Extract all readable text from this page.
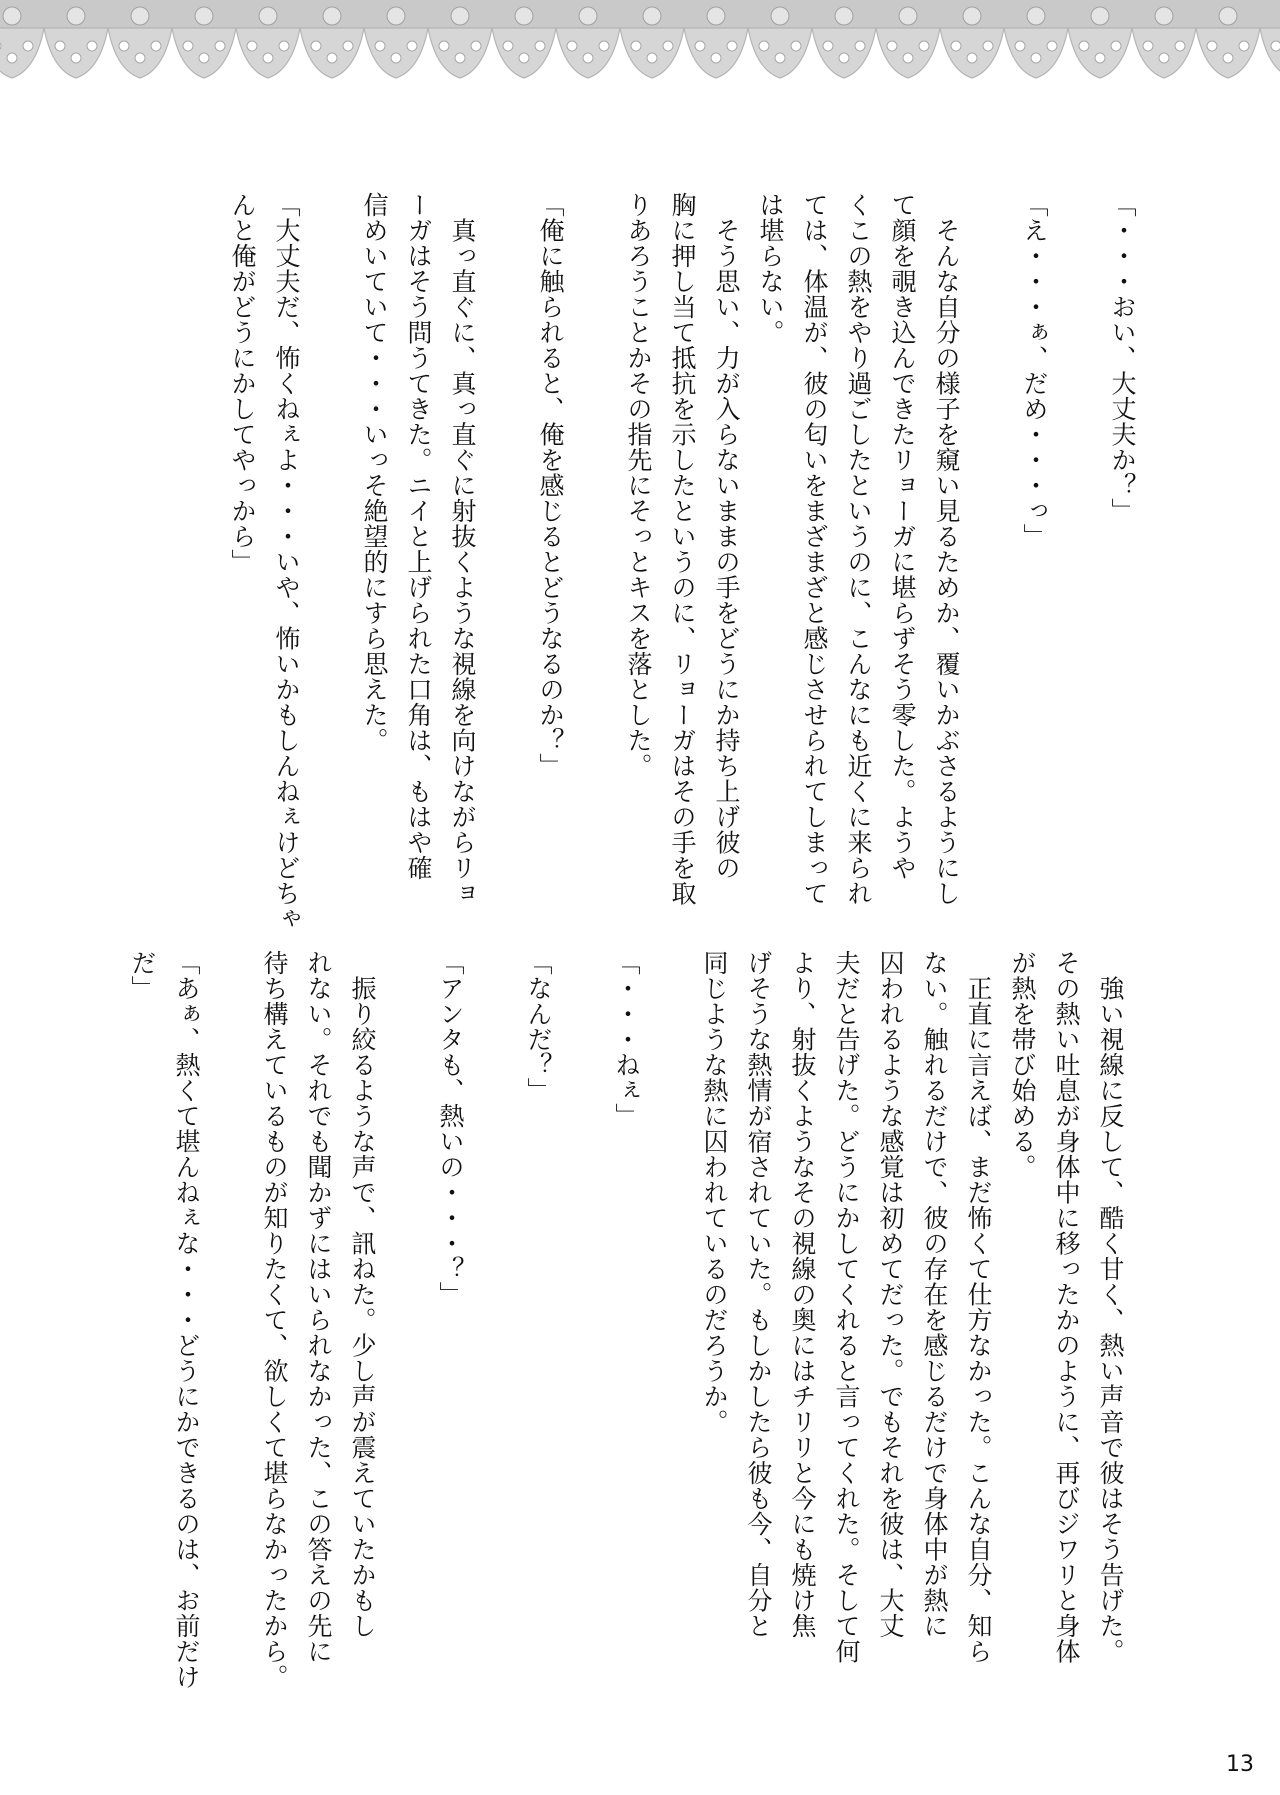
「・・・おい、大丈夫か？」

「え・・・ぁ、だめ・・・っ」

　そんな自分の様子を窺い見るためか、覆いかぶさるようにし

て顔を覗き込んできたリョーガに堪らずそう零した。ようや

くこの熱をやり過ごしたというのに、こんなにも近くに来られ

ては、体温が、彼の匂いをまざまざと感じさせられてしまって

は堪らない。

　そう思い、力が入らないままの手をどうにか持ち上げ彼の

胸に押し当て抵抗を示したというのに、リョーガはその手を取

りあろうことかその指先にそっとキスを落とした。

「俺に触られると、俺を感じるとどうなるのか？」

　真っ直ぐに、真っ直ぐに射抜くような視線を向けながらリョ

ーガはそう問うてきた。ニイと上げられた口角は、もはや確

信めいていて・・・いっそ絶望的にすら思えた。

「大丈夫だ、怖くねぇよ・・・いや、怖いかもしんねぇけどちゃ

んと俺がどうにかしてやっから」

　強い視線に反して、酷く甘く、熱い声音で彼はそう告げた。

その熱い吐息が身体中に移ったかのように、再びジワリと身体

が熱を帯び始める。

　正直に言えば、まだ怖くて仕方なかった。こんな自分、知ら

ない。触れるだけで、彼の存在を感じるだけで身体中が熱に

囚われるような感覚は初めてだった。でもそれを彼は、大丈

夫だと告げた。どうにかしてくれると言ってくれた。そして何

より、射抜くようなその視線の奥にはチリリと今にも焼け焦

げそうな熱情が宿されていた。もしかしたら彼も今、自分と

同じような熱に囚われているのだろうか。

「・・・ねぇ」

「なんだ？」

「アンタも、熱いの・・・？」

　振り絞るような声で、訊ねた。少し声が震えていたかもし

れない。それでも聞かずにはいられなかった、この答えの先に

待ち構えているものが知りたくて、欲しくて堪らなかったから。

「あぁ、熱くて堪んねぇな・・・どうにかできるのは、お前だけ

だ」

13
